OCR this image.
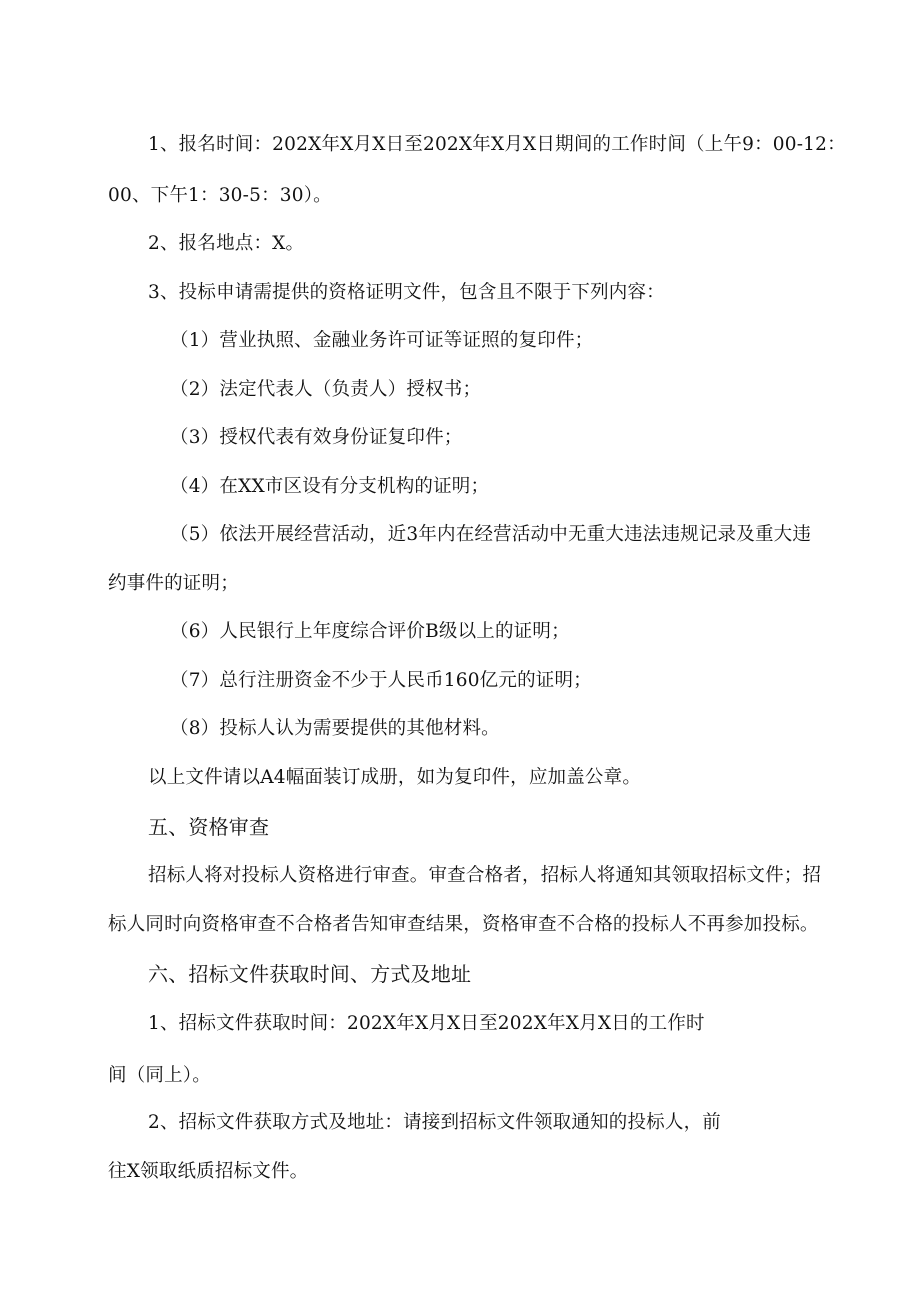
1、报名时间：202X年X月X日至202X年X月X日期间的工作时间（上午9：00-12：
00、下午1：30-5：30）。
2、报名地点：X。
3、投标申请需提供的资格证明文件，包含且不限于下列内容：
（1）营业执照、金融业务许可证等证照的复印件；
（2）法定代表人（负责人）授权书；
（3）授权代表有效身份证复印件；
（4）在XX市区设有分支机构的证明；
（5）依法开展经营活动，近3年内在经营活动中无重大违法违规记录及重大违
约事件的证明；
（6）人民银行上年度综合评价B级以上的证明；
（7）总行注册资金不少于人民币160亿元的证明；
（8）投标人认为需要提供的其他材料。
以上文件请以A4幅面装订成册，如为复印件，应加盖公章。
五、资格审查
招标人将对投标人资格进行审查。审查合格者，招标人将通知其领取招标文件；招
标人同时向资格审查不合格者告知审查结果，资格审查不合格的投标人不再参加投标。
六、招标文件获取时间、方式及地址
1、招标文件获取时间：202X年X月X日至202X年X月X日的工作时
间（同上）。
2、招标文件获取方式及地址：请接到招标文件领取通知的投标人，前
往X领取纸质招标文件。
